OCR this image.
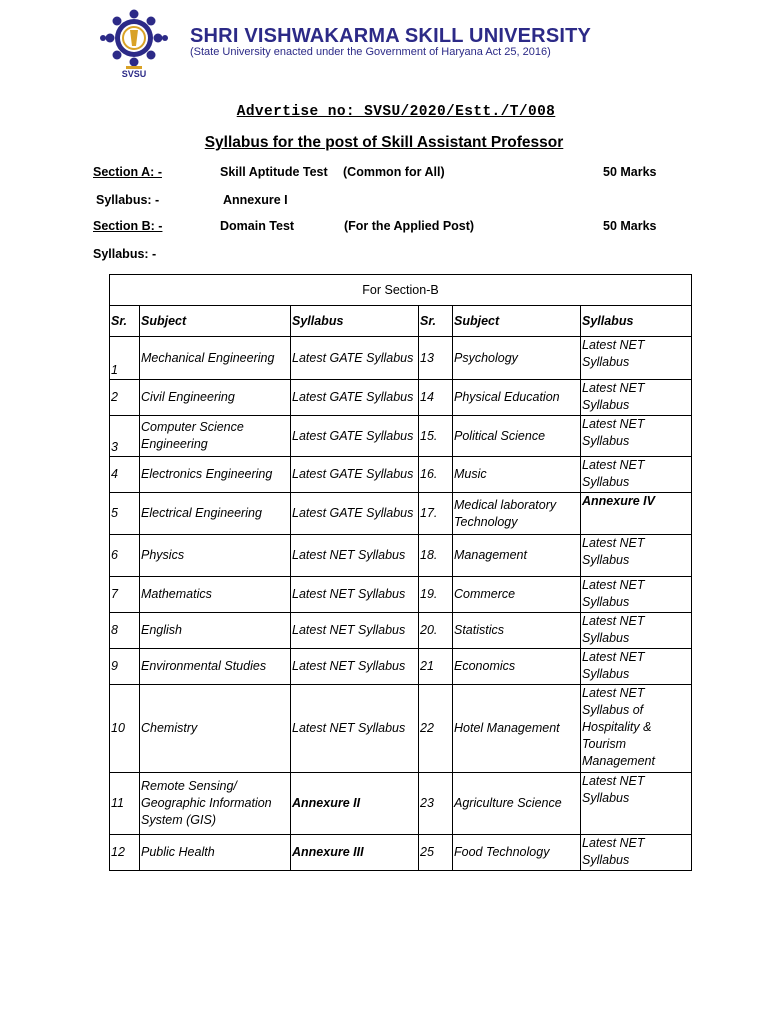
SVSU
SHRI VISHWAKARMA SKILL UNIVERSITY

(State University enacted under the Government of Haryana Act 25, 2016)

Advertise no: SVSU/2020/Estt./T/008

Syllabus for the post of Skill Assistant Professor
Section A: -	Skill Aptitude Test (Common for All)	50 Marks
Syllabus: -	Annexure I
Section B: -	Domain Test	(For the Applied Post)	50 Marks
Syllabus: -
For Section-B					
Sr.	Subject	Syllabus	Sr.	Subject	Syllabus
1	Mechanical Engineering	Latest GATE Syllabus	13	Psychology	Latest NET Syllabus
2	Civil Engineering	Latest GATE Syllabus	14	Physical Education	Latest NET Syllabus
3	Computer Science Engineering	Latest GATE Syllabus	15.	Political Science	Latest NET Syllabus
4	Electronics Engineering	Latest GATE Syllabus	16.	Music	Latest NET Syllabus
5	Electrical Engineering	Latest GATE Syllabus	17.	Medical laboratory Technology	Annexure IV
6	Physics	Latest NET Syllabus	18.	Management	Latest NET Syllabus
7	Mathematics	Latest NET Syllabus	19.	Commerce	Latest NET Syllabus
8	English	Latest NET Syllabus	20.	Statistics	Latest NET Syllabus
9	Environmental Studies	Latest NET Syllabus	21	Economics	Latest NET Syllabus
10	Chemistry	Latest NET Syllabus	22	Hotel Management	Latest NET Syllabus of Hospitality & Tourism Management
11	Remote Sensing/ Geographic Information System (GIS)	Annexure II	23	Agriculture Science	Latest NET Syllabus
12	Public Health	Annexure III	25	Food Technology	Latest NET Syllabus
